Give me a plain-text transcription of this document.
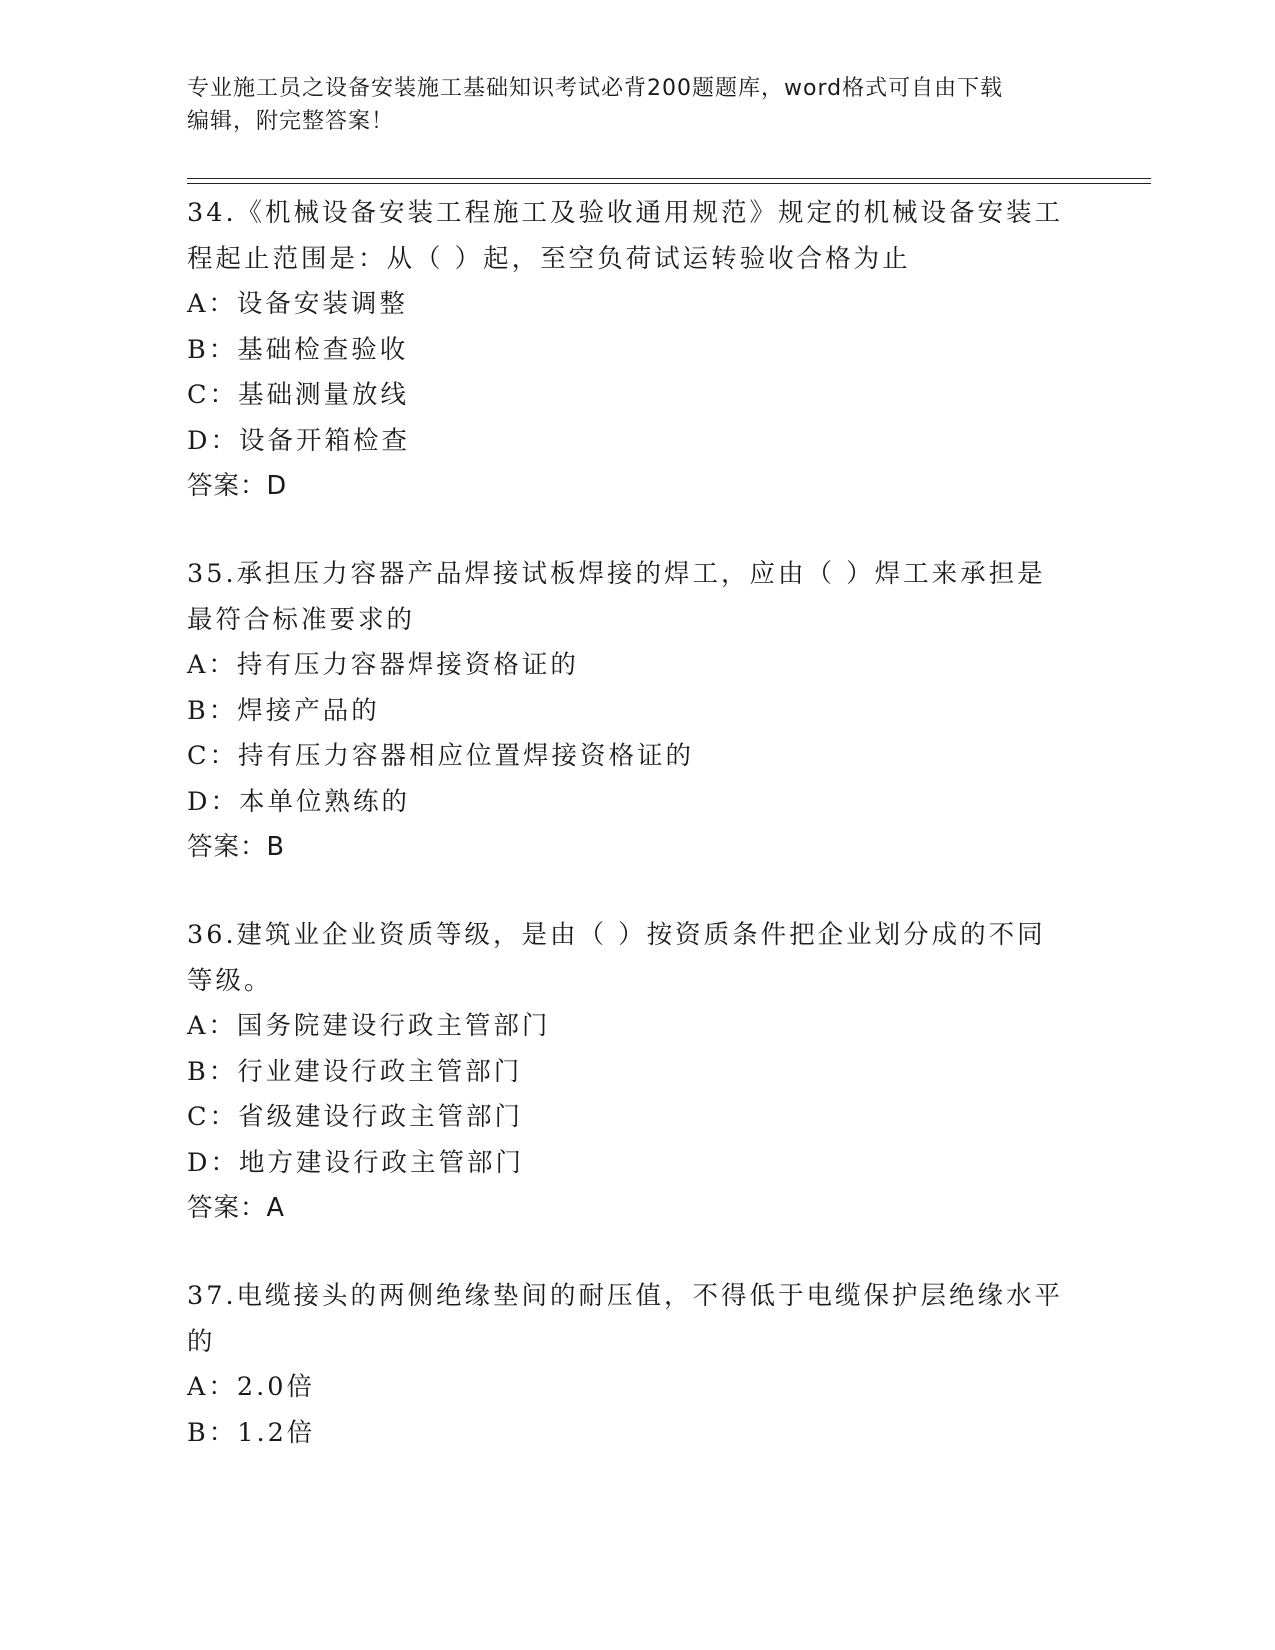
专业施工员之设备安装施工基础知识考试必背200题题库，word格式可自由下载
编辑，附完整答案！

34.《机械设备安装工程施工及验收通用规范》规定的机械设备安装工

程起止范围是：从（ ）起，至空负荷试运转验收合格为止

A：设备安装调整

B：基础检查验收

C：基础测量放线

D：设备开箱检查

答案：D

35.承担压力容器产品焊接试板焊接的焊工，应由（ ）焊工来承担是

最符合标准要求的

A：持有压力容器焊接资格证的

B：焊接产品的

C：持有压力容器相应位置焊接资格证的

D：本单位熟练的

答案：B

36.建筑业企业资质等级，是由（ ）按资质条件把企业划分成的不同

等级。

A：国务院建设行政主管部门

B：行业建设行政主管部门

C：省级建设行政主管部门

D：地方建设行政主管部门

答案：A

37.电缆接头的两侧绝缘垫间的耐压值，不得低于电缆保护层绝缘水平

的

A：2.0倍

B：1.2倍
